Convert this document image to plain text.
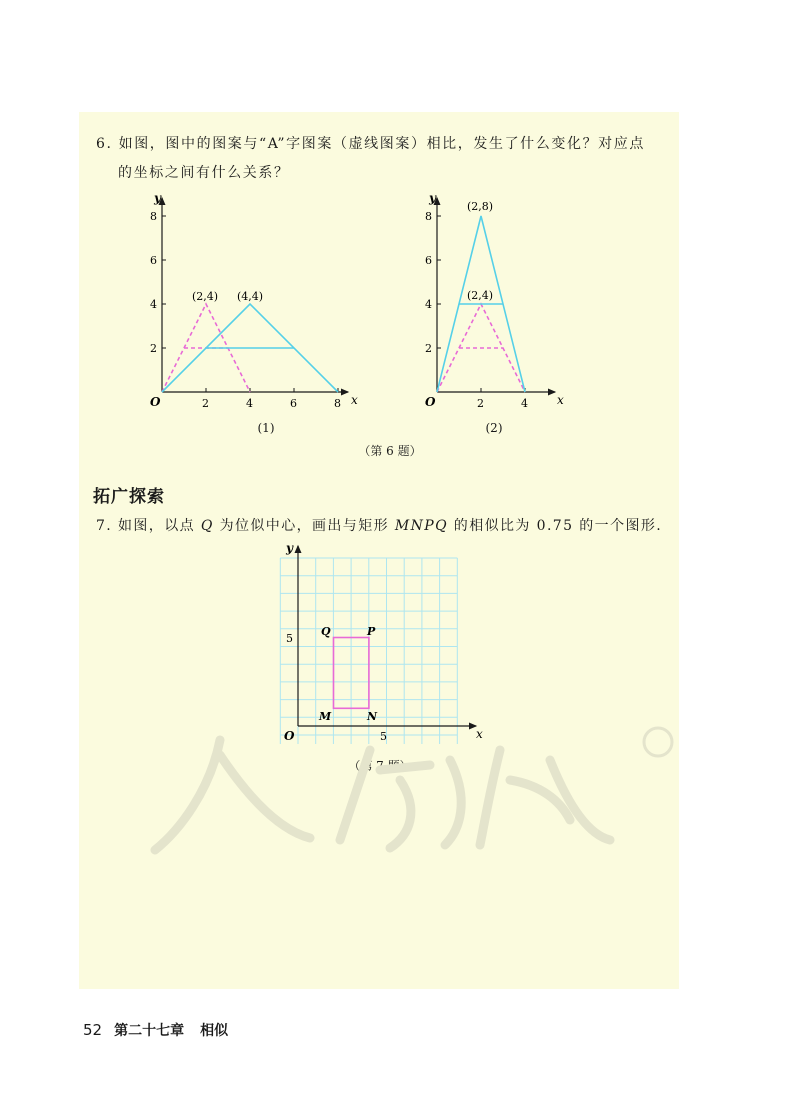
6. 如图，图中的图案与“A”字图案（虚线图案）相比，发生了什么变化？对应点

的坐标之间有什么关系？
O	x
y
2	4	6	8
2
4
6
8
(2,4) (4,4)
(1)
O	x
y
2	4
2
4
6
8
(2,8)
(2,4)
(2)
（第 6 题）
拓广探索
7. 如图，以点 Q 为位似中心，画出与矩形 MNPQ 的相似比为 0.75 的一个图形.
O	x
y
5
5
Q	P
M	N
（第 7 题）
52 第二十七章 相似
